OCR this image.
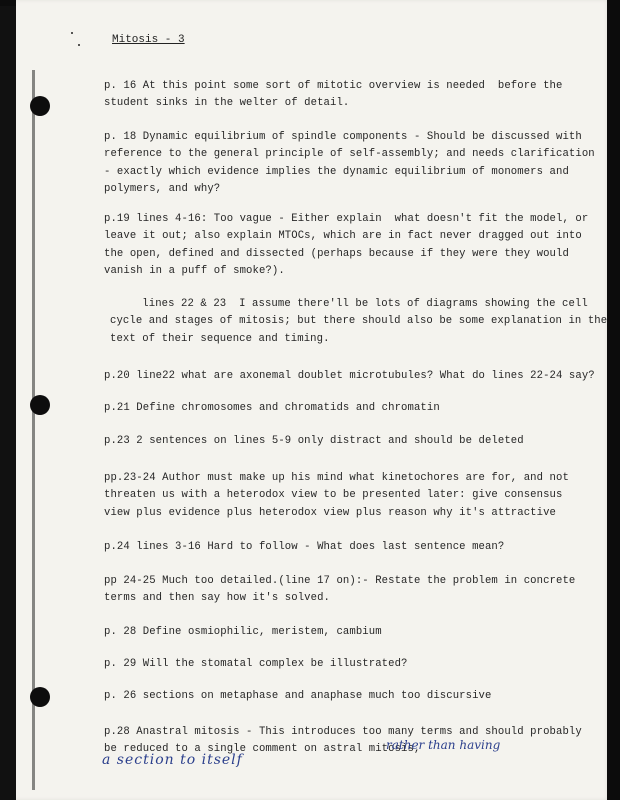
Mitosis - 3
p. 16 At this point some sort of mitotic overview is needed  before
student sinks in the welter of detail.
p. 18 Dynamic equilibrium of spindle components - Should be discussed
reference to the general principle of self-assembly; and needs
- exactly which evidence implies the dynamic equilibrium of monomers
polymers, and why?
p.19 lines 4-16: Too vague - Either explain  what doesn't fit the
leave it out; also explain MTOCs, which are in fact never dragged out
the open, defined and dissected (perhaps because if they were they
vanish in a puff of smoke?).
lines 22 & 23  I assume there'll be lots of diagrams showing the
cycle and stages of mitosis; but there should also be some explanation
text of their sequence and timing.
p.20 line22 what are axonemal doublet microtubules? What do lines 22-24 say?
p.21 Define chromosomes and chromatids and chromatin
p.23 2 sentences on lines 5-9 only distract and should be deleted
pp.23-24 Author must make up his mind what kinetochores are for, and
threaten us with a heterodox view to be presented later: give consensus
view plus evidence plus heterodox view plus reason why it's attractive
p.24 lines 3-16 Hard to follow - What does last sentence mean?
pp 24-25 Much too detailed.(line 17 on):- Restate the problem in
terms and then say how it's solved.
p. 28 Define osmiophilic, meristem, cambium
p. 29 Will the stomatal complex be illustrated?
p. 26 sections on metaphase and anaphase much too discursive
p.28 Anastral mitosis - This introduces too many terms and should
be reduced to a single comment on astral mitosis,
rather than having
a section to itself
